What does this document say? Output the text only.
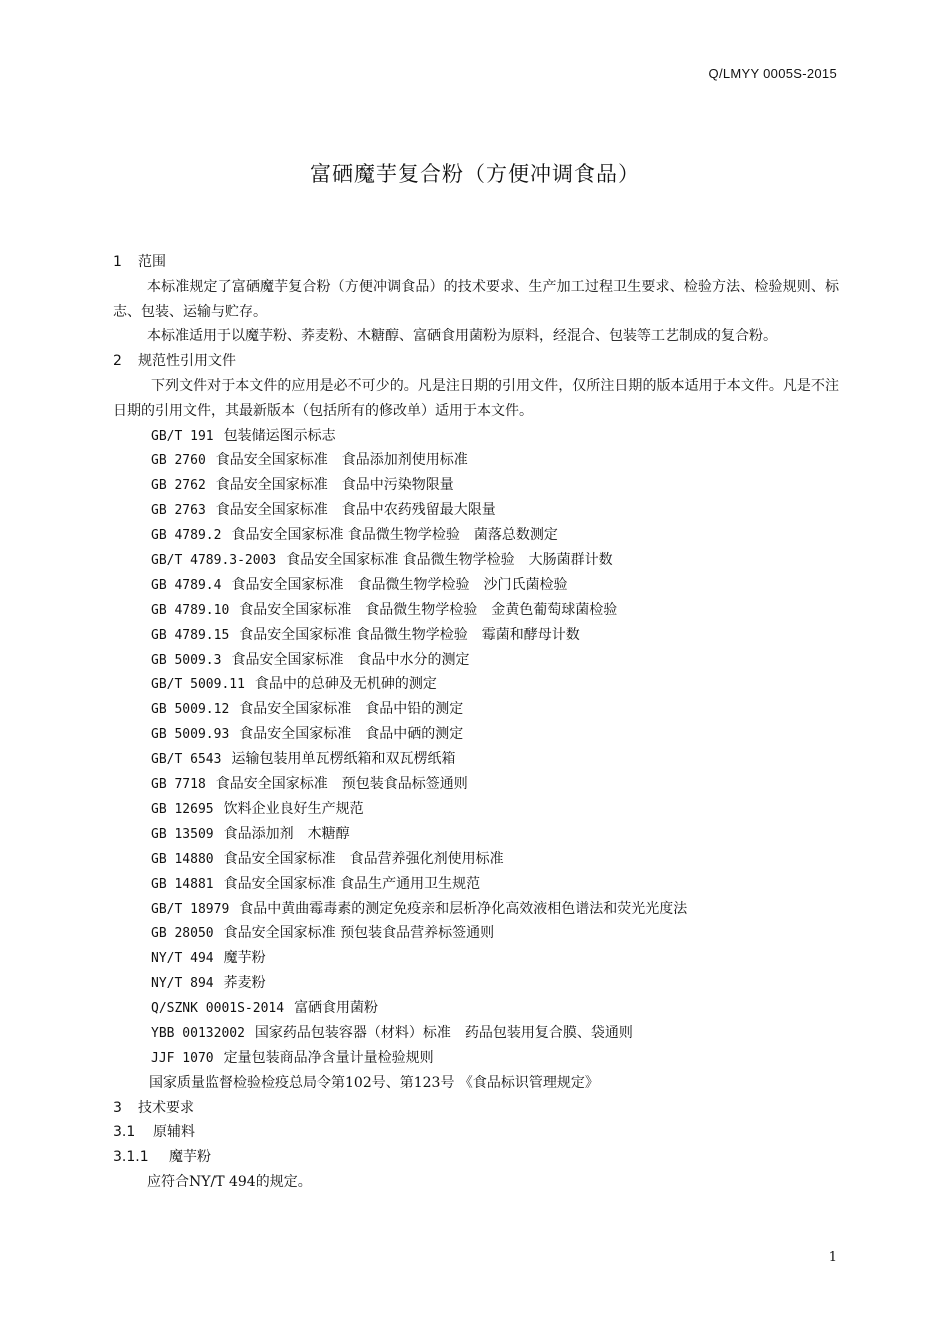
Q/LMYY 0005S-2015
富硒魔芋复合粉（方便冲调食品）
1 范围

本标准规定了富硒魔芋复合粉（方便冲调食品）的技术要求、生产加工过程卫生要求、检验方法、检验规则、标志、包装、运输与贮存。

本标准适用于以魔芋粉、荞麦粉、木糖醇、富硒食用菌粉为原料，经混合、包装等工艺制成的复合粉。

2 规范性引用文件

下列文件对于本文件的应用是必不可少的。凡是注日期的引用文件，仅所注日期的版本适用于本文件。凡是不注日期的引用文件，其最新版本（包括所有的修改单）适用于本文件。

GB/T 191 包装储运图示标志
GB 2760 食品安全国家标准　食品添加剂使用标准
GB 2762 食品安全国家标准　食品中污染物限量
GB 2763 食品安全国家标准　食品中农药残留最大限量
GB 4789.2 食品安全国家标准 食品微生物学检验　菌落总数测定
GB/T 4789.3-2003 食品安全国家标准 食品微生物学检验　大肠菌群计数
GB 4789.4 食品安全国家标准　食品微生物学检验　沙门氏菌检验
GB 4789.10 食品安全国家标准　食品微生物学检验　金黄色葡萄球菌检验
GB 4789.15 食品安全国家标准 食品微生物学检验　霉菌和酵母计数
GB 5009.3 食品安全国家标准　食品中水分的测定
GB/T 5009.11 食品中的总砷及无机砷的测定
GB 5009.12 食品安全国家标准　食品中铅的测定
GB 5009.93 食品安全国家标准　食品中硒的测定
GB/T 6543 运输包装用单瓦楞纸箱和双瓦楞纸箱
GB 7718 食品安全国家标准　预包装食品标签通则
GB 12695 饮料企业良好生产规范
GB 13509 食品添加剂　木糖醇
GB 14880 食品安全国家标准　食品营养强化剂使用标准
GB 14881 食品安全国家标准 食品生产通用卫生规范
GB/T 18979 食品中黄曲霉毒素的测定免疫亲和层析净化高效液相色谱法和荧光光度法
GB 28050 食品安全国家标准 预包装食品营养标签通则
NY/T 494 魔芋粉
NY/T 894 荞麦粉
Q/SZNK 0001S-2014 富硒食用菌粉
YBB 00132002 国家药品包装容器（材料）标准　药品包装用复合膜、袋通则
JJF 1070 定量包装商品净含量计量检验规则
国家质量监督检验检疫总局令第102号、第123号 《食品标识管理规定》
3 技术要求
3.1 原辅料
3.1.1 魔芋粉

应符合NY/T 494的规定。

1
